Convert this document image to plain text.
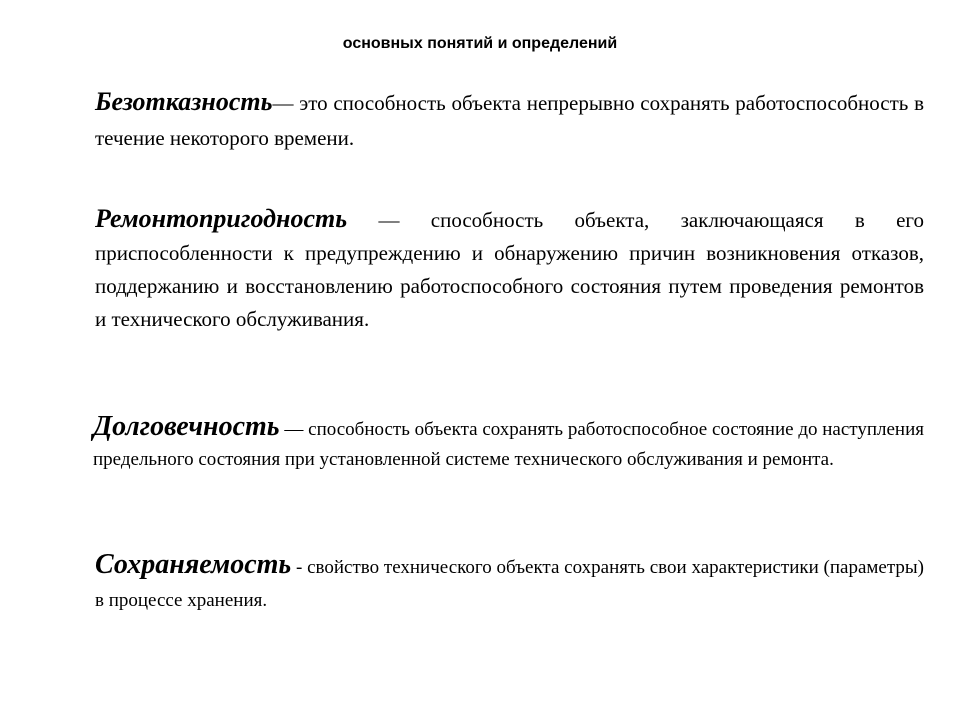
основных понятий и определений

Безотказность— это способность объекта непрерывно сохранять работоспособность в течение некоторого времени.

Ремонтопригодность — способность объекта, заключающаяся в его приспособленности к предупреждению и обнаружению причин возникновения отказов, поддержанию и восстановлению работоспособного состояния путем проведения ремонтов и технического обслуживания.

Долговечность — способность объекта сохранять работоспособное состояние до наступления предельного состояния при установленной системе технического обслуживания и ремонта.

Сохраняемость - свойство технического объекта сохранять свои характеристики (параметры) в процессе хранения.
